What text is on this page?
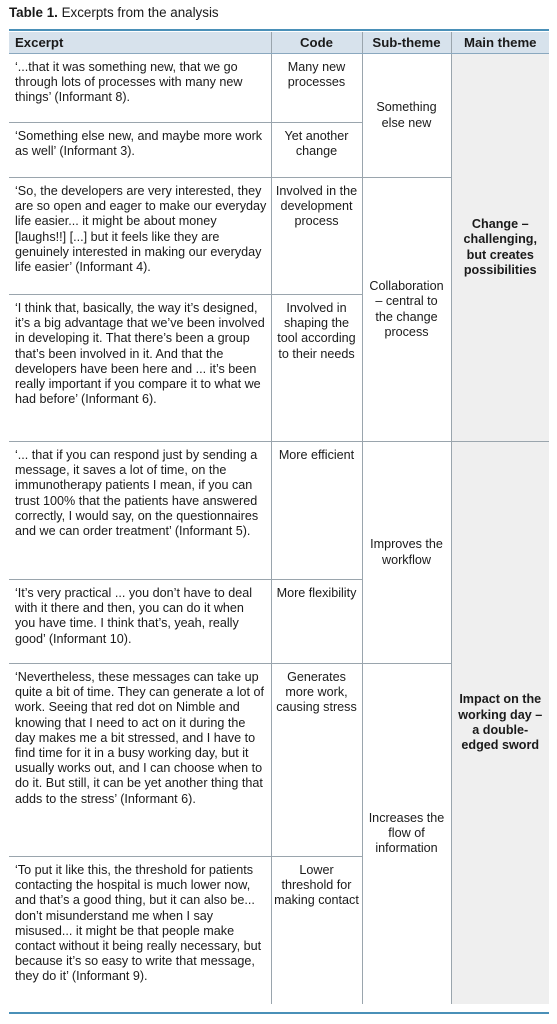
Table 1. Excerpts from the analysis
Excerpt	Code	Sub-theme	Main theme
‘...that it was something new, that we go through lots of processes with many new things’ (Informant 8).	Many new processes	Something else new	Change – challenging, but creates possibilities
‘Something else new, and maybe more work as well’ (Informant 3).	Yet another change		
‘So, the developers are very interested, they are so open and eager to make our everyday life easier... it might be about money [laughs!!] [...] but it feels like they are genuinely interested in making our everyday life easier’ (Informant 4).	Involved in the development process	Collaboration – central to the change process	
‘I think that, basically, the way it’s designed, it’s a big advantage that we’ve been involved in developing it. That there’s been a group that’s been involved in it. And that the developers have been here and ... it’s been really important if you compare it to what we had before’ (Informant 6).	Involved in shaping the tool according to their needs		
‘... that if you can respond just by sending a message, it saves a lot of time, on the immunotherapy patients I mean, if you can trust 100% that the patients have answered correctly, I would say, on the questionnaires and we can order treatment’ (Informant 5).	More efficient	Improves the workflow	Impact on the working day – a double-edged sword
‘It’s very practical ... you don’t have to deal with it there and then, you can do it when you have time. I think that’s, yeah, really good’ (Informant 10).	More flexibility		
‘Nevertheless, these messages can take up quite a bit of time. They can generate a lot of work. Seeing that red dot on Nimble and knowing that I need to act on it during the day makes me a bit stressed, and I have to find time for it in a busy working day, but it usually works out, and I can choose when to do it. But still, it can be yet another thing that adds to the stress’ (Informant 6).	Generates more work, causing stress	Increases the flow of information	
‘To put it like this, the threshold for patients contacting the hospital is much lower now, and that’s a good thing, but it can also be... don’t misunderstand me when I say misused... it might be that people make contact without it being really necessary, but because it’s so easy to write that message, they do it’ (Informant 9).	Lower threshold for making contact		
